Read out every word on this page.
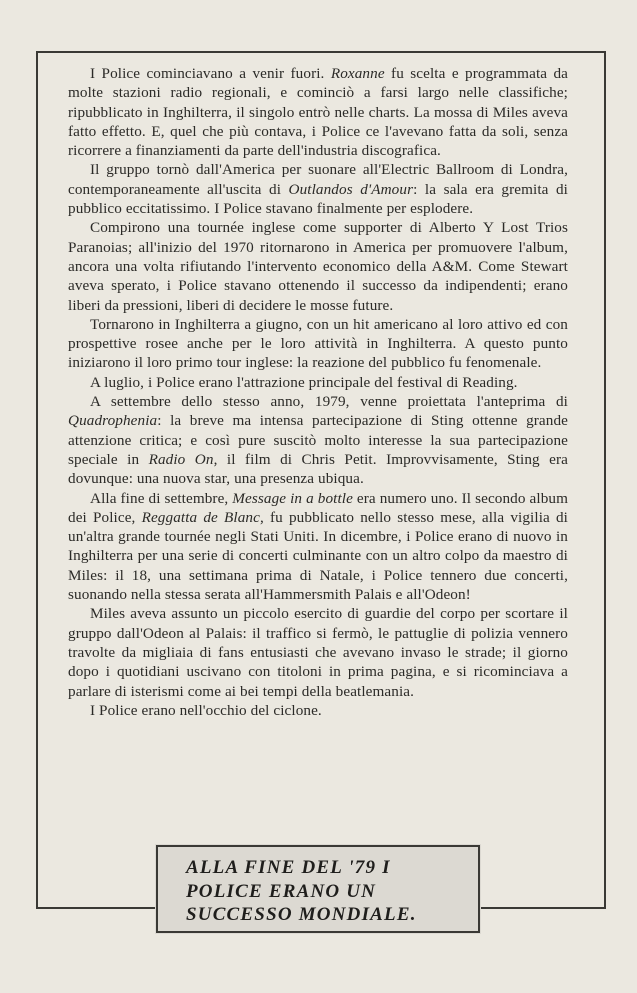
I Police cominciavano a venir fuori. Roxanne fu scelta e programmata da molte stazioni radio regionali, e cominciò a farsi largo nelle classifiche; ripubblicato in Inghilterra, il singolo entrò nelle charts. La mossa di Miles aveva fatto effetto. E, quel che più contava, i Police ce l'avevano fatta da soli, senza ricorrere a finanziamenti da parte dell'industria discografica.

Il gruppo tornò dall'America per suonare all'Electric Ballroom di Londra, contemporaneamente all'uscita di Outlandos d'Amour: la sala era gremita di pubblico eccitatissimo. I Police stavano finalmente per esplodere.

Compirono una tournée inglese come supporter di Alberto Y Lost Trios Paranoias; all'inizio del 1970 ritornarono in America per promuovere l'album, ancora una volta rifiutando l'intervento economico della A&M. Come Stewart aveva sperato, i Police stavano ottenendo il successo da indipendenti; erano liberi da pressioni, liberi di decidere le mosse future.

Tornarono in Inghilterra a giugno, con un hit americano al loro attivo ed con prospettive rosee anche per le loro attività in Inghilterra. A questo punto iniziarono il loro primo tour inglese: la reazione del pubblico fu fenomenale.

A luglio, i Police erano l'attrazione principale del festival di Reading.

A settembre dello stesso anno, 1979, venne proiettata l'anteprima di Quadrophenia: la breve ma intensa partecipazione di Sting ottenne grande attenzione critica; e così pure suscitò molto interesse la sua partecipazione speciale in Radio On, il film di Chris Petit. Improvvisamente, Sting era dovunque: una nuova star, una presenza ubiqua.

Alla fine di settembre, Message in a bottle era numero uno. Il secondo album dei Police, Reggatta de Blanc, fu pubblicato nello stesso mese, alla vigilia di un'altra grande tournée negli Stati Uniti. In dicembre, i Police erano di nuovo in Inghilterra per una serie di concerti culminante con un altro colpo da maestro di Miles: il 18, una settimana prima di Natale, i Police tennero due concerti, suonando nella stessa serata all'Hammersmith Palais e all'Odeon!

Miles aveva assunto un piccolo esercito di guardie del corpo per scortare il gruppo dall'Odeon al Palais: il traffico si fermò, le pattuglie di polizia vennero travolte da migliaia di fans entusiasti che avevano invaso le strade; il giorno dopo i quotidiani uscivano con titoloni in prima pagina, e si ricominciava a parlare di isterismi come ai bei tempi della beatlemania.

I Police erano nell'occhio del ciclone.

ALLA FINE DEL '79 I
POLICE ERANO UN
SUCCESSO MONDIALE.
